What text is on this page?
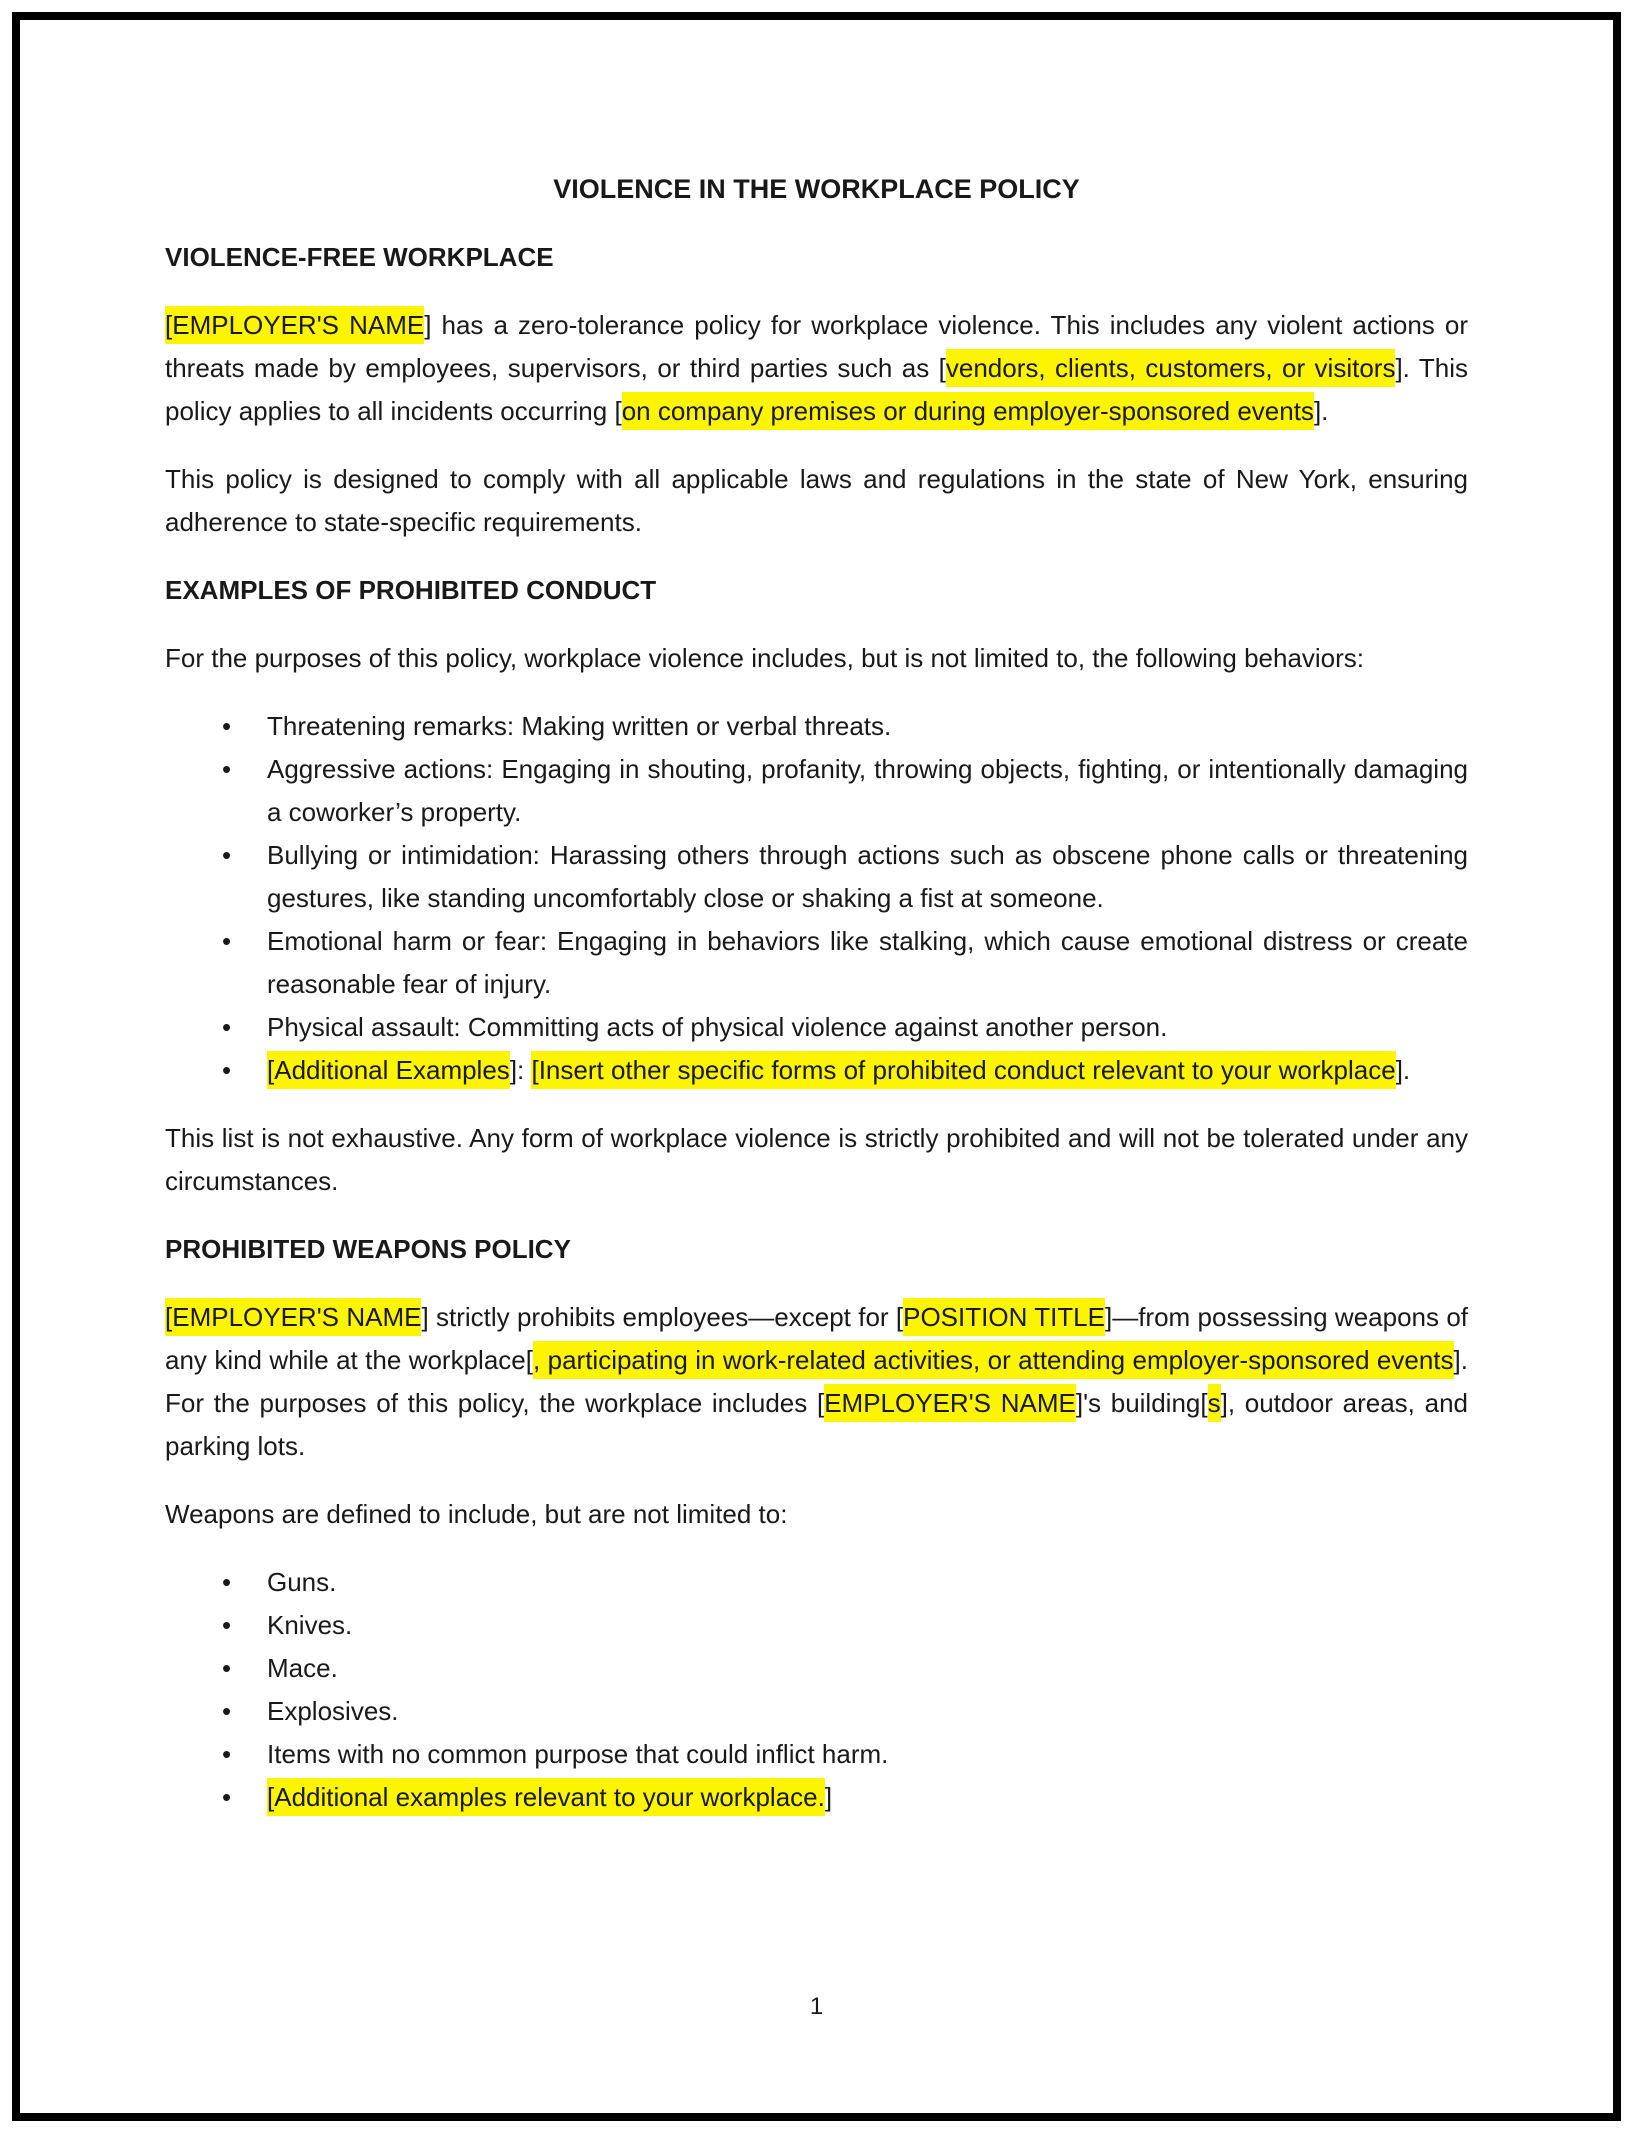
VIOLENCE IN THE WORKPLACE POLICY
VIOLENCE-FREE WORKPLACE

[EMPLOYER'S NAME] has a zero-tolerance policy for workplace violence. This includes any violent actions or threats made by employees, supervisors, or third parties such as [vendors, clients, customers, or visitors]. This policy applies to all incidents occurring [on company premises or during employer-sponsored events].

This policy is designed to comply with all applicable laws and regulations in the state of New York, ensuring adherence to state-specific requirements.

EXAMPLES OF PROHIBITED CONDUCT

For the purposes of this policy, workplace violence includes, but is not limited to, the following behaviors:

• Threatening remarks: Making written or verbal threats.
• Aggressive actions: Engaging in shouting, profanity, throwing objects, fighting, or intentionally damaging a coworker’s property.
• Bullying or intimidation: Harassing others through actions such as obscene phone calls or threatening gestures, like standing uncomfortably close or shaking a fist at someone.
• Emotional harm or fear: Engaging in behaviors like stalking, which cause emotional distress or create reasonable fear of injury.
• Physical assault: Committing acts of physical violence against another person.
• [Additional Examples]: [Insert other specific forms of prohibited conduct relevant to your workplace].

This list is not exhaustive. Any form of workplace violence is strictly prohibited and will not be tolerated under any circumstances.

PROHIBITED WEAPONS POLICY

[EMPLOYER'S NAME] strictly prohibits employees—except for [POSITION TITLE]—from possessing weapons of any kind while at the workplace[, participating in work-related activities, or attending employer-sponsored events]. For the purposes of this policy, the workplace includes [EMPLOYER'S NAME]'s building[s], outdoor areas, and parking lots.

Weapons are defined to include, but are not limited to:

• Guns.
• Knives.
• Mace.
• Explosives.
• Items with no common purpose that could inflict harm.
• [Additional examples relevant to your workplace.]
1
